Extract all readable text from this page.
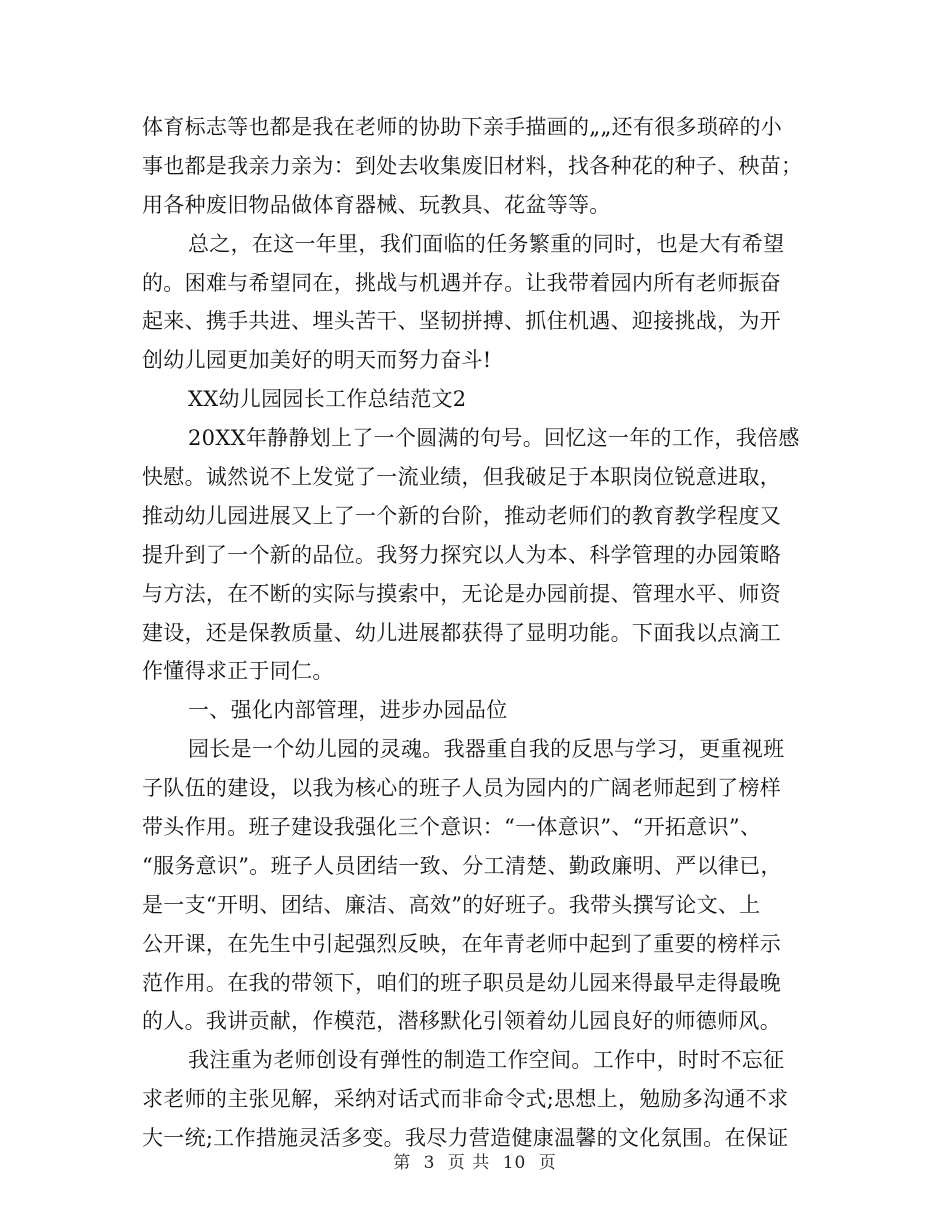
体育标志等也都是我在老师的协助下亲手描画的„„还有很多琐碎的小
事也都是我亲力亲为：到处去收集废旧材料，找各种花的种子、秧苗；
用各种废旧物品做体育器械、玩教具、花盆等等。

总之，在这一年里，我们面临的任务繁重的同时，也是大有希望
的。困难与希望同在，挑战与机遇并存。让我带着园内所有老师振奋
起来、携手共进、埋头苦干、坚韧拼搏、抓住机遇、迎接挑战，为开
创幼儿园更加美好的明天而努力奋斗!

XX幼儿园园长工作总结范文2

20XX年静静划上了一个圆满的句号。回忆这一年的工作，我倍感
快慰。诚然说不上发觉了一流业绩，但我破足于本职岗位锐意进取，
推动幼儿园进展又上了一个新的台阶，推动老师们的教育教学程度又
提升到了一个新的品位。我努力探究以人为本、科学管理的办园策略
与方法，在不断的实际与摸索中，无论是办园前提、管理水平、师资
建设，还是保教质量、幼儿进展都获得了显明功能。下面我以点滴工
作懂得求正于同仁。

一、强化内部管理，进步办园品位

园长是一个幼儿园的灵魂。我器重自我的反思与学习，更重视班
子队伍的建设，以我为核心的班子人员为园内的广阔老师起到了榜样
带头作用。班子建设我强化三个意识：“一体意识”、“开拓意识”、
“服务意识”。班子人员团结一致、分工清楚、勤政廉明、严以律已，
是一支“开明、团结、廉洁、高效”的好班子。我带头撰写论文、上
公开课，在先生中引起强烈反映，在年青老师中起到了重要的榜样示
范作用。在我的带领下，咱们的班子职员是幼儿园来得最早走得最晚
的人。我讲贡献，作模范，潜移默化引领着幼儿园良好的师德师风。

我注重为老师创设有弹性的制造工作空间。工作中，时时不忘征
求老师的主张见解，采纳对话式而非命令式;思想上，勉励多沟通不求
大一统;工作措施灵活多变。我尽力营造健康温馨的文化氛围。在保证

第 3 页 共 10 页
